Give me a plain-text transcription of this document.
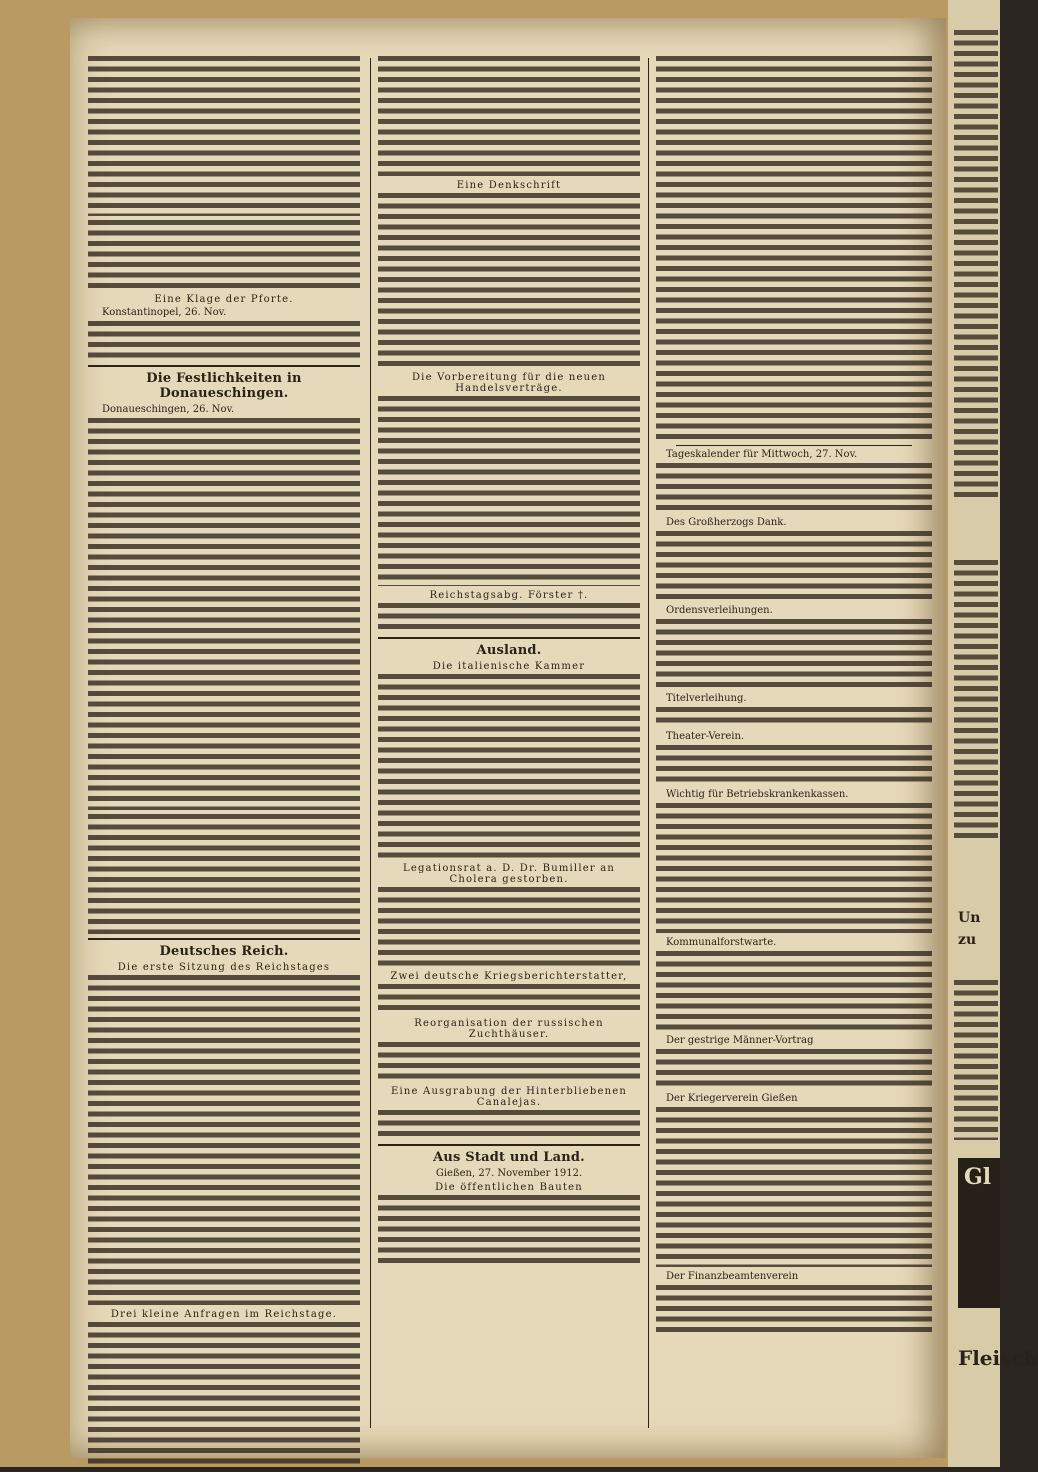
Eine Klage der Pforte.
Konstantinopel, 26. Nov.
Die Festlichkeiten in Donaueschingen.
Donaueschingen, 26. Nov.
Deutsches Reich.
Die erste Sitzung des Reichstages
Drei kleine Anfragen im Reichstage.
Eine Denkschrift
Die Vorbereitung für die neuen Handelsverträge.
Reichstagsabg. Förster †.
Ausland.
Die italienische Kammer
Legationsrat a. D. Dr. Bumiller an Cholera gestorben.
Zwei deutsche Kriegsberichterstatter,
Reorganisation der russischen Zuchthäuser.
Eine Ausgrabung der Hinterbliebenen Canalejas.
Aus Stadt und Land.
Gießen, 27. November 1912.
Die öffentlichen Bauten
Tageskalender für Mittwoch, 27. Nov.
Des Großherzogs Dank.
Ordensverleihungen.
Titelverleihung.
Theater-Verein.
Wichtig für Betriebskrankenkassen.
Kommunalforstwarte.
Der gestrige Männer-Vortrag
Der Kriegerverein Gießen
Der Finanzbeamtenverein
Un
zu
Gl
Fleisch
